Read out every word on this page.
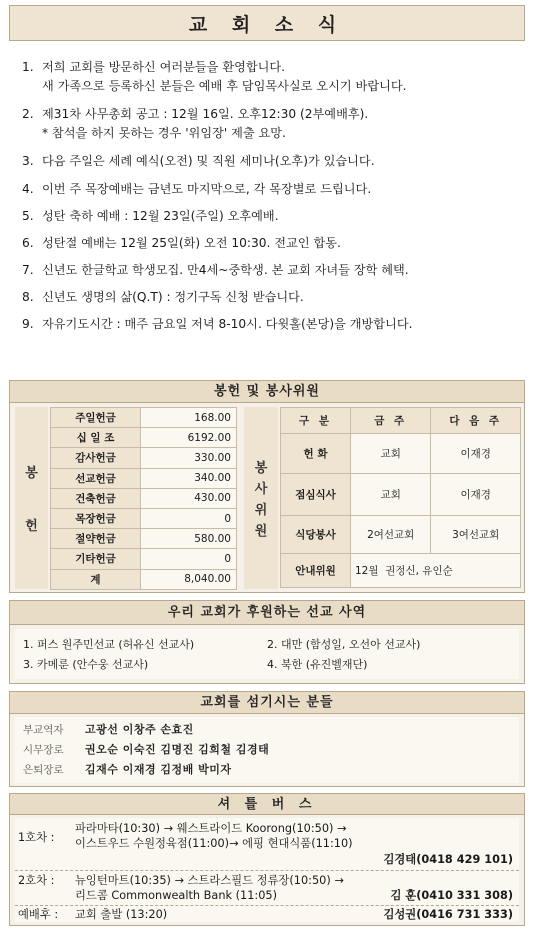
교 회 소 식
1. 저희 교회를 방문하신 여러분들을 환영합니다.
새 가족으로 등록하신 분들은 예배 후 담임목사실로 오시기 바랍니다.
2. 제31차 사무총회 공고 : 12월 16일. 오후12:30 (2부예배후).
* 참석을 하지 못하는 경우 '위임장' 제출 요망.
3. 다음 주일은 세례 예식(오전) 및 직원 세미나(오후)가 있습니다.
4. 이번 주 목장예배는 금년도 마지막으로, 각 목장별로 드립니다.
5. 성탄 축하 예배 : 12월 23일(주일) 오후예배.
6. 성탄절 예배는 12월 25일(화) 오전 10:30. 전교인 합동.
7. 신년도 한글학교 학생모집. 만4세~중학생. 본 교회 자녀들 장학 혜택.
8. 신년도 생명의 삶(Q.T) : 정기구독 신청 받습니다.
9. 자유기도시간 : 매주 금요일 저녁 8-10시. 다윗홀(본당)을 개방합니다.
봉헌 및 봉사위원
봉
헌
주일헌금	168.00
십 일 조	6192.00
감사헌금	330.00
선교헌금	340.00
건축헌금	430.00
목장헌금	0
절약헌금	580.00
기타헌금	0
계	8,040.00
봉
사
위
원
구 분	금 주	다 음 주
헌 화	교회	이재경
점심식사	교회	이재경
식당봉사	2여선교회	3여선교회
안내위원	12월 권정신, 유인순	
우리 교회가 후원하는 선교 사역
1. 퍼스 원주민선교 (허유신 선교사)	2. 대만 (함성일, 오선아 선교사)
3. 카메룬 (안수웅 선교사)	4. 북한 (유진벨재단)
교회를 섬기시는 분들
부교역자	고광선 이창주 손효진
시무장로	권오순 이숙진 김명진 김희철 김경태
은퇴장로	김재수 이재경 김정배 박미자
셔 틀 버 스
1호차 :
파라마타(10:30) → 웨스트라이드 Koorong(10:50) →
이스트우드 수원정육점(11:00)→ 에핑 현대식품(11:10)
김경태(0418 429 101)
2호차 : 뉴잉턴마트(10:35) → 스트라스필드 정류장(10:50) →
리드콤 Commonwealth Bank (11:05)	김 훈(0410 331 308)
예배후 : 교회 출발 (13:20)	김성권(0416 731 333)
